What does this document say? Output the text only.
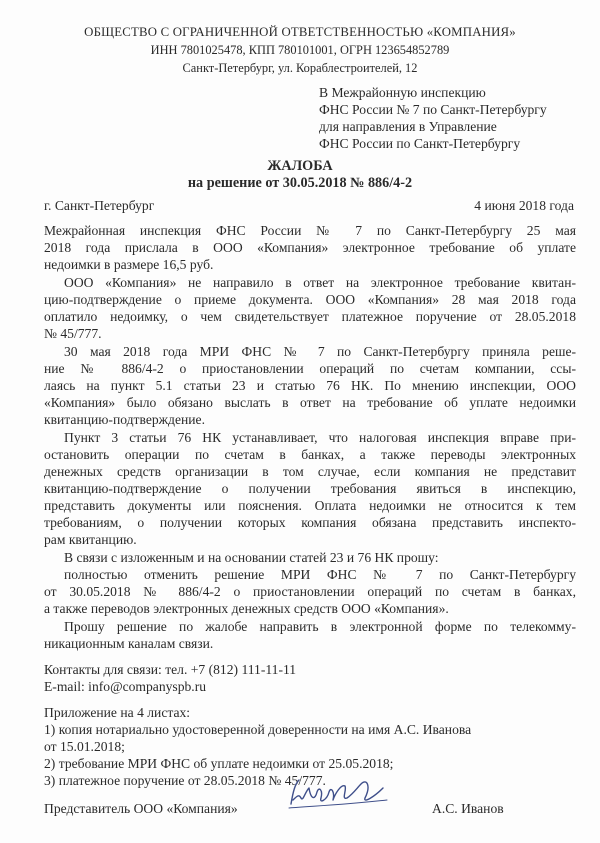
ОБЩЕСТВО С ОГРАНИЧЕННОЙ ОТВЕТСТВЕННОСТЬЮ «КОМПАНИЯ»
ИНН 7801025478, КПП 780101001, ОГРН 123654852789
Санкт-Петербург, ул. Кораблестроителей, 12
В Межрайонную инспекцию
ФНС России № 7 по Санкт-Петербургу
для направления в Управление
ФНС России по Санкт-Петербургу
ЖАЛОБА
на решение от 30.05.2018 № 886/4-2
г. Санкт-Петербург	4 июня 2018 года
Межрайонная инспекция ФНС России № 7 по Санкт-Петербургу 25 мая
2018 года прислала в ООО «Компания» электронное требование об уплате
недоимки в размере 16,5 руб.
ООО «Компания» не направило в ответ на электронное требование квитан-
цию-подтверждение о приеме документа. ООО «Компания» 28 мая 2018 года
оплатило недоимку, о чем свидетельствует платежное поручение от 28.05.2018
№ 45/777.
30 мая 2018 года МРИ ФНС № 7 по Санкт-Петербургу приняла реше-
ние № 886/4-2 о приостановлении операций по счетам компании, ссы-
лаясь на пункт 5.1 статьи 23 и статью 76 НК. По мнению инспекции, ООО
«Компания» было обязано выслать в ответ на требование об уплате недоимки
квитанцию-подтверждение.
Пункт 3 статьи 76 НК устанавливает, что налоговая инспекция вправе при-
остановить операции по счетам в банках, а также переводы электронных
денежных средств организации в том случае, если компания не представит
квитанцию-подтверждение о получении требования явиться в инспекцию,
представить документы или пояснения. Оплата недоимки не относится к тем
требованиям, о получении которых компания обязана представить инспекто-
рам квитанцию.
В связи с изложенным и на основании статей 23 и 76 НК прошу:
полностью отменить решение МРИ ФНС № 7 по Санкт-Петербургу
от 30.05.2018 № 886/4-2 о приостановлении операций по счетам в банках,
а также переводов электронных денежных средств ООО «Компания».
Прошу решение по жалобе направить в электронной форме по телекомму-
никационным каналам связи.
Контакты для связи: тел. +7 (812) 111-11-11
E-mail: info@companyspb.ru
Приложение на 4 листах:
1) копия нотариально удостоверенной доверенности на имя А.С. Иванова
от 15.01.2018;
2) требование МРИ ФНС об уплате недоимки от 25.05.2018;
3) платежное поручение от 28.05.2018 № 45/777.
Представитель ООО «Компания»	А.С. Иванов
